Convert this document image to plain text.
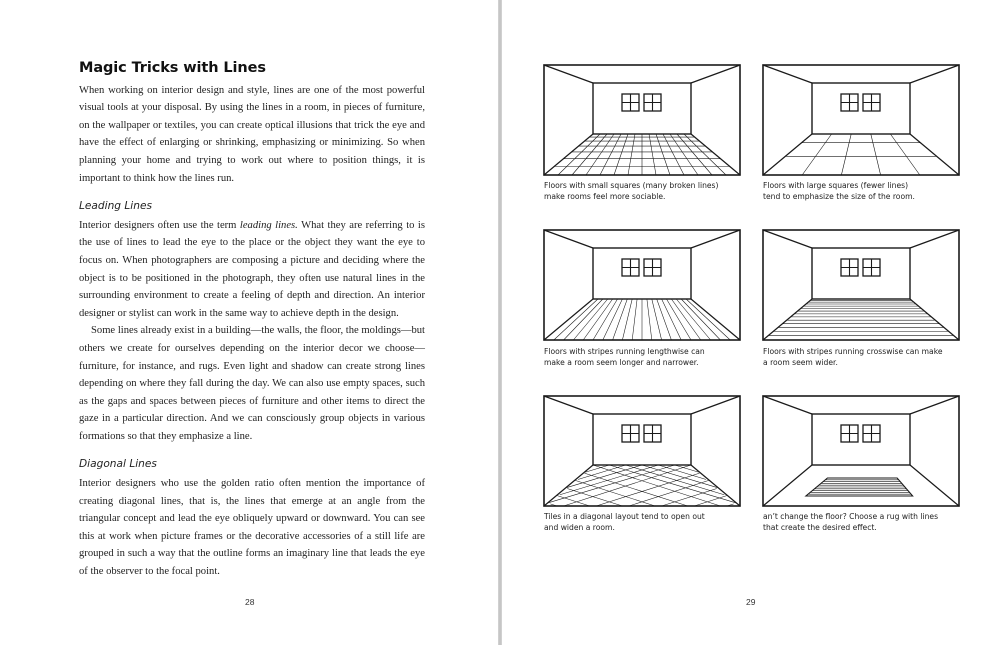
Magic Tricks with Lines

When working on interior design and style, lines are one of the most powerful visual tools at your disposal. By using the lines in a room, in pieces of furniture, on the wallpaper or textiles, you can create optical illusions that trick the eye and have the effect of enlarging or shrinking, emphasizing or minimizing. So when planning your home and trying to work out where to position things, it is important to think how the lines run.

Leading Lines

Interior designers often use the term leading lines. What they are referring to is the use of lines to lead the eye to the place or the object they want the eye to focus on. When photographers are composing a picture and deciding where the object is to be positioned in the photograph, they often use natural lines in the surrounding environment to create a feeling of depth and direction. An interior designer or stylist can work in the same way to achieve depth in the design.

Some lines already exist in a building—the walls, the floor, the moldings—but others we create for ourselves depending on the interior decor we choose—furniture, for instance, and rugs. Even light and shadow can create strong lines depending on where they fall during the day. We can also use empty spaces, such as the gaps and spaces between pieces of furniture and other items to direct the gaze in a particular direction. And we can consciously group objects in various formations so that they emphasize a line.

Diagonal Lines

Interior designers who use the golden ratio often mention the importance of creating diagonal lines, that is, the lines that emerge at an angle from the triangular concept and lead the eye obliquely upward or downward. You can see this at work when picture frames or the decorative accessories of a still life are grouped in such a way that the outline forms an imaginary line that leads the eye of the observer to the focal point.

28
Floors with small squares (many broken lines)
make rooms feel more sociable.
Floors with large squares (fewer lines)
tend to emphasize the size of the room.
Floors with stripes running lengthwise can
make a room seem longer and narrower.
Floors with stripes running crosswise can make
a room seem wider.
Tiles in a diagonal layout tend to open out
and widen a room.
an’t change the floor? Choose a rug with lines
that create the desired effect.
29
